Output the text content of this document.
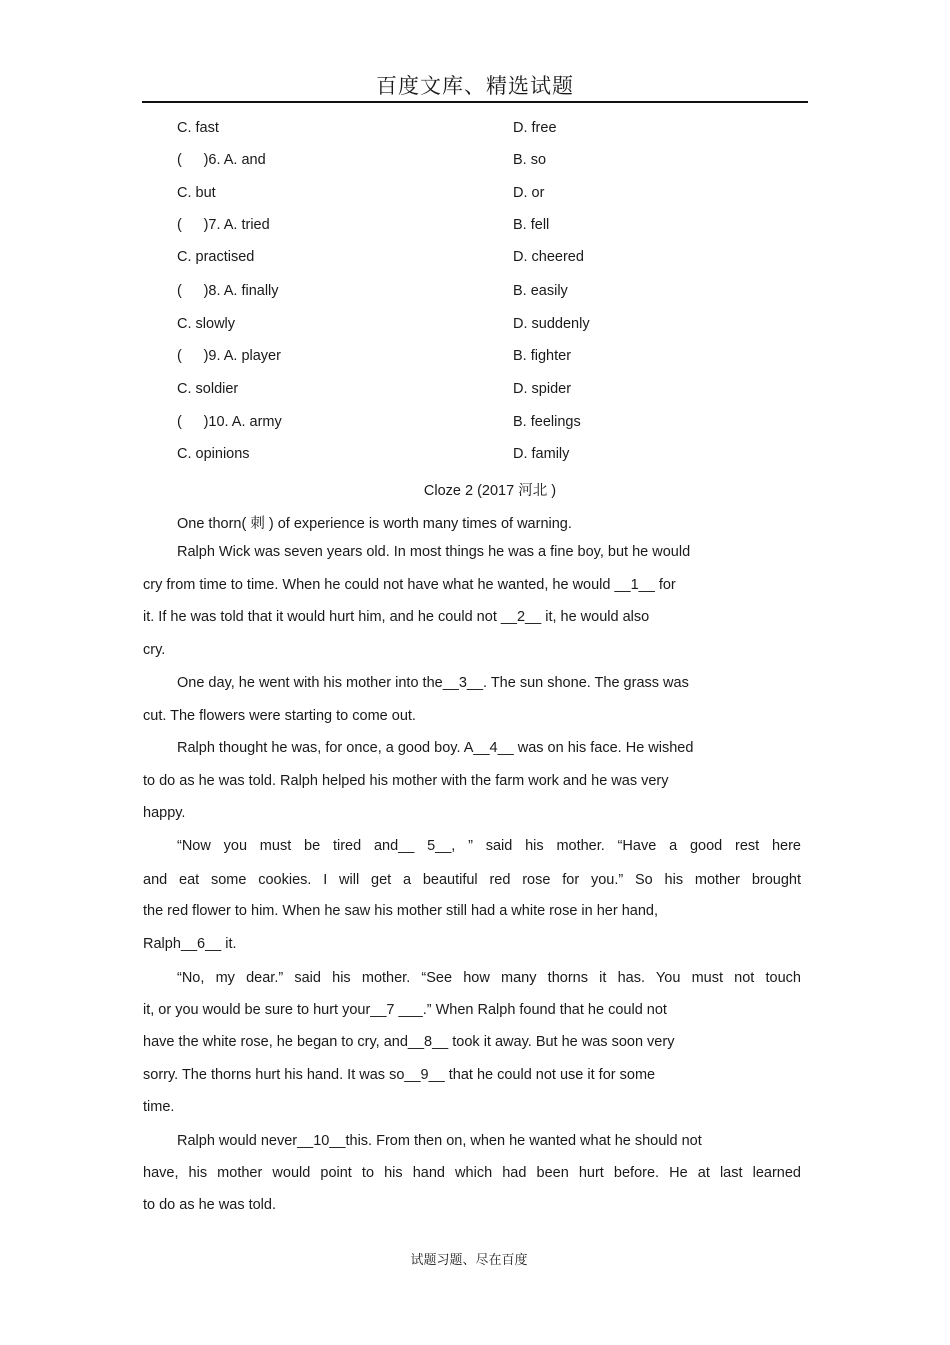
百度文库、精选试题
C. fast	D. free
(  )6. A. and	B. so
C. but	D. or
(  )7. A. tried	B. fell
C. practised	D. cheered
(  )8. A. finally	B. easily
C. slowly	D. suddenly
(  )9. A. player	B. fighter
C. soldier	D. spider
(  )10. A. army	B. feelings
C. opinions	D. family
Cloze 2 (2017 河北 )
One thorn( 刺 ) of experience is worth many times of warning.
Ralph Wick was seven years old. In most things he was a fine boy, but he would
cry from time to time. When he could not have what he wanted, he would __1__ for
it. If he was told that it would hurt him, and he could not __2__ it, he would also
cry.
One day, he went with his mother into the__3__. The sun shone. The grass was
cut. The flowers were starting to come out.
Ralph thought he was, for once, a good boy. A__4__ was on his face. He wished
to do as he was told. Ralph helped his mother with the farm work and he was very
happy.
“Now you must be tired and__ 5__, ” said his mother. “Have a good rest here
and eat some cookies. I will get a beautiful red rose for you.” So his mother brought
the red flower to him. When he saw his mother still had a white rose in her hand,
Ralph__6__ it.
“No, my dear.” said his mother. “See how many thorns it has. You must not touch
it, or you would be sure to hurt your__7 ___.” When Ralph found that he could not
have the white rose, he began to cry, and__8__ took it away. But he was soon very
sorry. The thorns hurt his hand. It was so__9__ that he could not use it for some
time.
Ralph would never__10__this. From then on, when he wanted what he should not
have, his mother would point to his hand which had been hurt before. He at last learned
to do as he was told.
试题习题、尽在百度
